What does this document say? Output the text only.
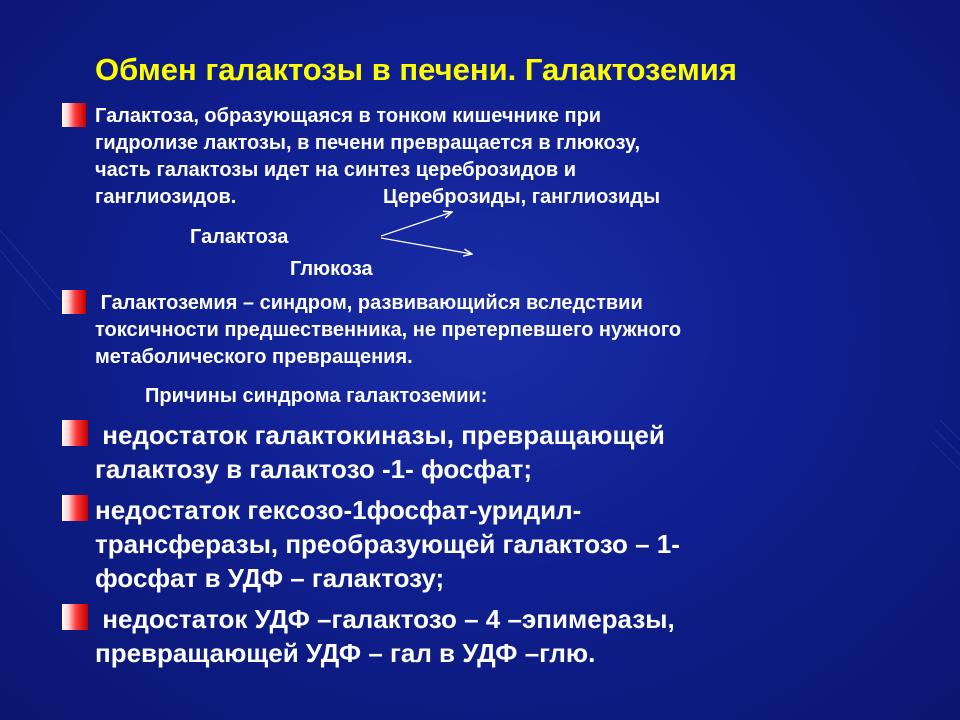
Обмен галактозы в печени. Галактоземия
Галактоза, образующаяся в тонком кишечнике при
гидролизе лактозы, в печени превращается в глюкозу,
часть галактозы идет на синтез цереброзидов и
ганглиозидов.	Цереброзиды, ганглиозиды
Галактоза
Глюкоза
Галактоземия – синдром, развивающийся вследствии
токсичности предшественника, не претерпевшего нужного
метаболического превращения.
Причины синдрома галактоземии:
недостаток галактокиназы, превращающей
галактозу в галактозо -1- фосфат;
недостаток гексозо-1фосфат-уридил-
трансферазы, преобразующей галактозо – 1-
фосфат в УДФ – галактозу;
недостаток УДФ –галактозо – 4 –эпимеразы,
превращающей УДФ – гал в УДФ –глю.
